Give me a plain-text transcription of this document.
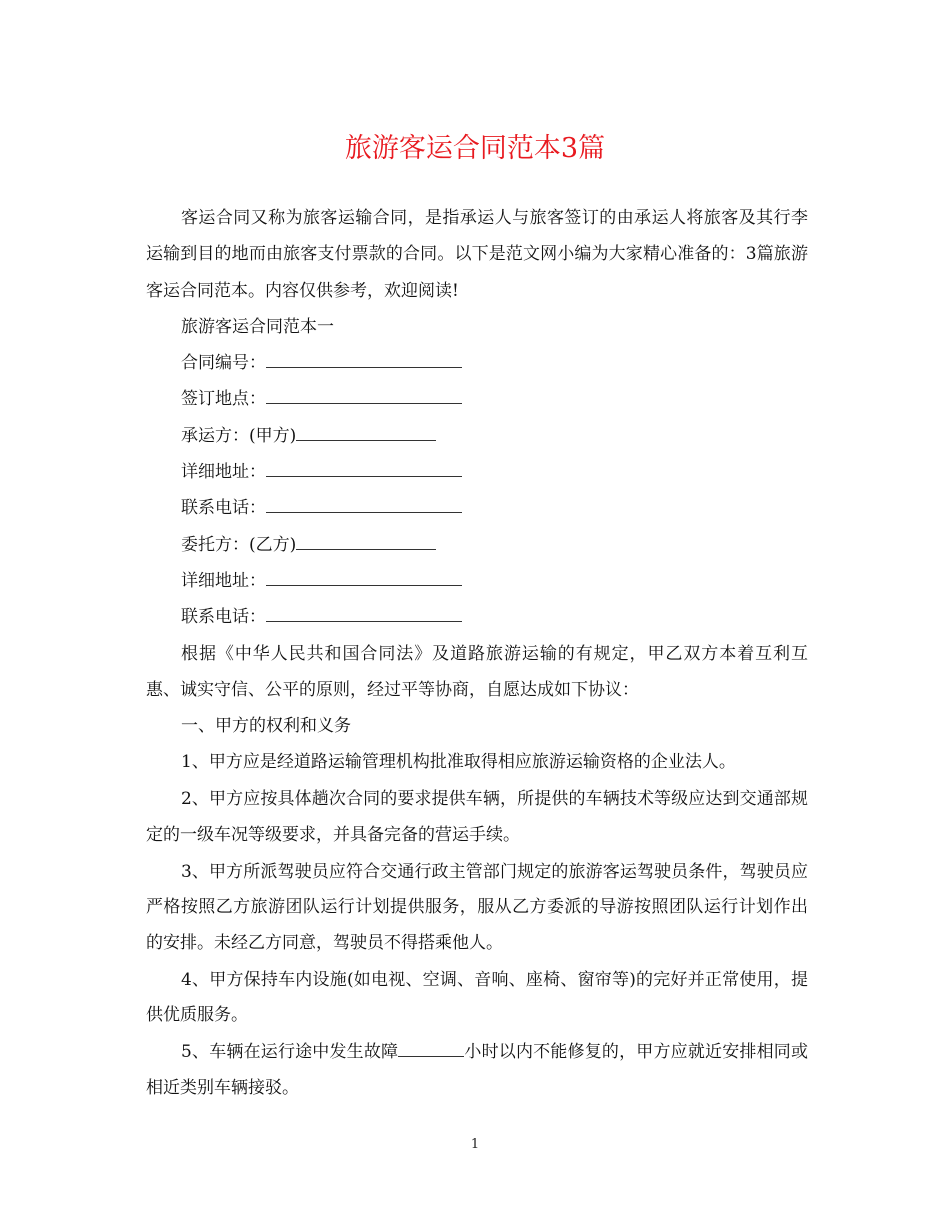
旅游客运合同范本3篇

客运合同又称为旅客运输合同，是指承运人与旅客签订的由承运人将旅客及其行李运输到目的地而由旅客支付票款的合同。以下是范文网小编为大家精心准备的：3篇旅游客运合同范本。内容仅供参考，欢迎阅读!

旅游客运合同范本一

合同编号：

签订地点：

承运方：(甲方)

详细地址：

联系电话：

委托方：(乙方)

详细地址：

联系电话：

根据《中华人民共和国合同法》及道路旅游运输的有规定，甲乙双方本着互利互惠、诚实守信、公平的原则，经过平等协商，自愿达成如下协议：

一、甲方的权利和义务

1、甲方应是经道路运输管理机构批准取得相应旅游运输资格的企业法人。

2、甲方应按具体趟次合同的要求提供车辆，所提供的车辆技术等级应达到交通部规定的一级车况等级要求，并具备完备的营运手续。

3、甲方所派驾驶员应符合交通行政主管部门规定的旅游客运驾驶员条件，驾驶员应严格按照乙方旅游团队运行计划提供服务，服从乙方委派的导游按照团队运行计划作出的安排。未经乙方同意，驾驶员不得搭乘他人。

4、甲方保持车内设施(如电视、空调、音响、座椅、窗帘等)的完好并正常使用，提供优质服务。

5、车辆在运行途中发生故障	小时以内不能修复的，甲方应就近安排相同或相近类别车辆接驳。

1
